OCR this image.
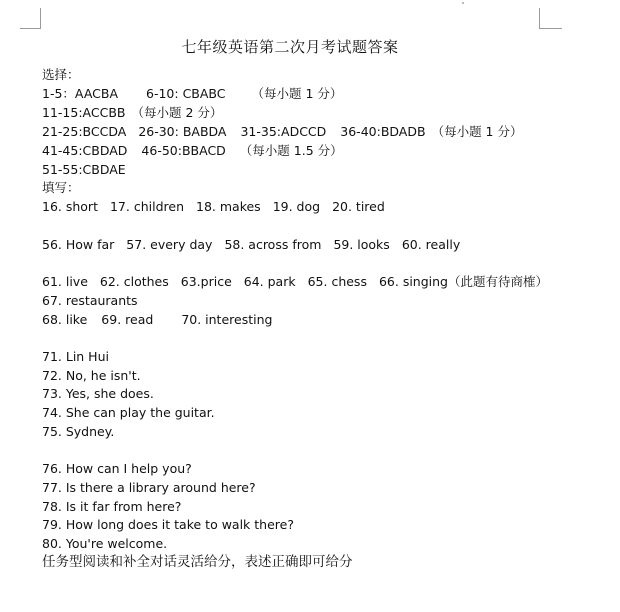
七年级英语第二次月考试题答案
选择：
1-5：AACBA 6-10: CBABC （每小题 1 分）
11-15:ACCBB （每小题 2 分）
21-25:BCCDA 26-30: BABDA 31-35:ADCCD 36-40:BDADB （每小题 1 分）
41-45:CBDAD 46-50:BBACD （每小题 1.5 分）
51-55:CBDAE
填写：
16. short 17. children 18. makes 19. dog 20. tired
56. How far 57. every day 58. across from 59. looks 60. really
61. live 62. clothes 63.price 64. park 65. chess 66. singing（此题有待商榷）
67. restaurants
68. like 69. read 70. interesting
71. Lin Hui
72. No, he isn't.
73. Yes, she does.
74. She can play the guitar.
75. Sydney.
76. How can I help you?
77. Is there a library around here?
78. Is it far from here?
79. How long does it take to walk there?
80. You're welcome.
任务型阅读和补全对话灵活给分，表述正确即可给分
